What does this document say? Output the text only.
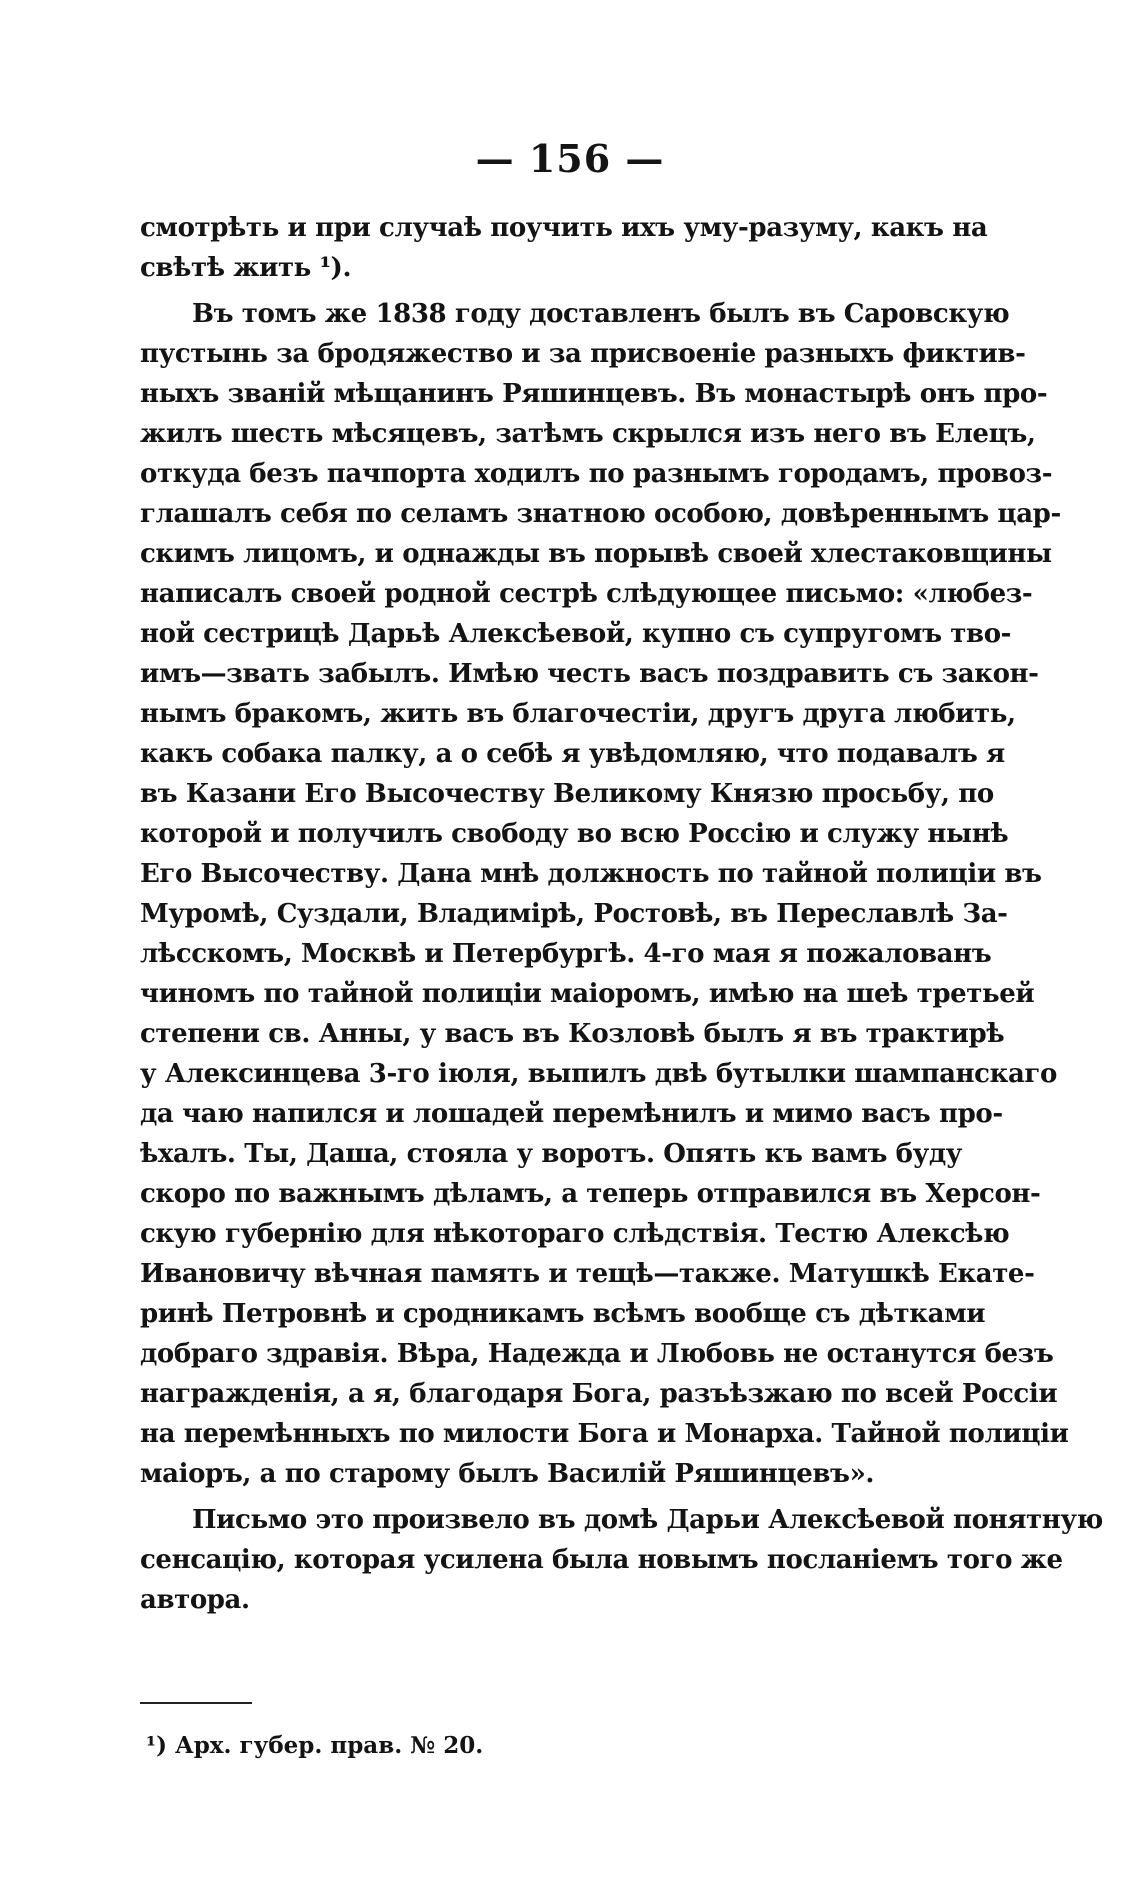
— 156 —
смотрѣть и при случаѣ поучить ихъ уму-разуму, какъ на
свѣтѣ жить ¹).
Въ томъ же 1838 году доставленъ былъ въ Саровскую
пустынь за бродяжество и за присвоеніе разныхъ фиктив-
ныхъ званій мѣщанинъ Ряшинцевъ. Въ монастырѣ онъ про-
жилъ шесть мѣсяцевъ, затѣмъ скрылся изъ него въ Елецъ,
откуда безъ пачпорта ходилъ по разнымъ городамъ, провоз-
глашалъ себя по селамъ знатною особою, довѣреннымъ цар-
скимъ лицомъ, и однажды въ порывѣ своей хлестаковщины
написалъ своей родной сестрѣ слѣдующее письмо: «любез-
ной сестрицѣ Дарьѣ Алексѣевой, купно съ супругомъ тво-
имъ—звать забылъ. Имѣю честь васъ поздравить съ закон-
нымъ бракомъ, жить въ благочестіи, другъ друга любить,
какъ собака палку, а о себѣ я увѣдомляю, что подавалъ я
въ Казани Его Высочеству Великому Князю просьбу, по
которой и получилъ свободу во всю Россію и служу нынѣ
Его Высочеству. Дана мнѣ должность по тайной полиціи въ
Муромѣ, Суздали, Владимірѣ, Ростовѣ, въ Переславлѣ За-
лѣсскомъ, Москвѣ и Петербургѣ. 4-го мая я пожалованъ
чиномъ по тайной полиціи маіоромъ, имѣю на шеѣ третьей
степени св. Анны, у васъ въ Козловѣ былъ я въ трактирѣ
у Алексинцева 3-го іюля, выпилъ двѣ бутылки шампанскаго
да чаю напился и лошадей перемѣнилъ и мимо васъ про-
ѣхалъ. Ты, Даша, стояла у воротъ. Опять къ вамъ буду
скоро по важнымъ дѣламъ, а теперь отправился въ Херсон-
скую губернію для нѣкотораго слѣдствія. Тестю Алексѣю
Ивановичу вѣчная память и тещѣ—также. Матушкѣ Екате-
ринѣ Петровнѣ и сродникамъ всѣмъ вообще съ дѣтками
добраго здравія. Вѣра, Надежда и Любовь не останутся безъ
награжденія, а я, благодаря Бога, разъѣзжаю по всей Россіи
на перемѣнныхъ по милости Бога и Монарха. Тайной полиціи
маіоръ, а по старому былъ Василій Ряшинцевъ».
Письмо это произвело въ домѣ Дарьи Алексѣевой понятную
сенсацію, которая усилена была новымъ посланіемъ того же
автора.
¹) Арх. губер. прав. № 20.
